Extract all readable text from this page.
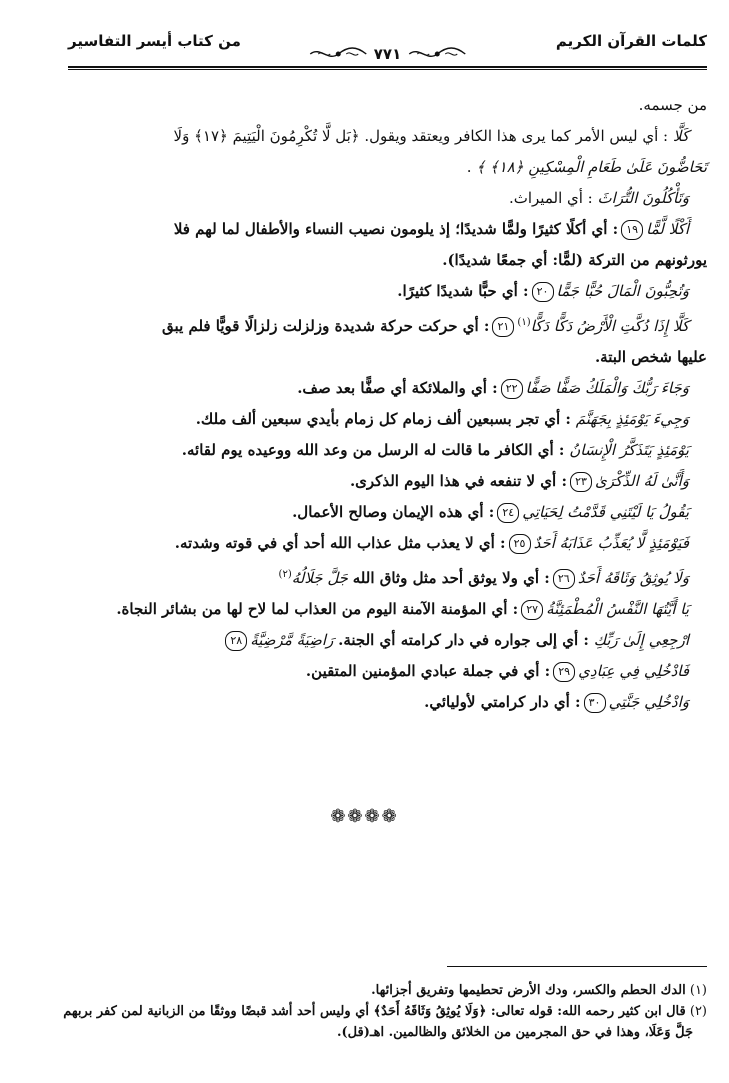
كلمات القرآن الكريم
٧٧١
من كتاب أيسر التفاسير
من جسمه.
كَلَّا : أي ليس الأمر كما يرى هذا الكافر ويعتقد ويقول. ﴿بَل لَّا تُكْرِمُونَ الْيَتِيمَ ﴿١٧﴾ وَلَا
تَحَاضُّونَ عَلَىٰ طَعَامِ الْمِسْكِينِ ﴿١٨﴾ ﴾ .
وَتَأْكُلُونَ التُّرَاثَ : أي الميراث.
أَكْلًا لَّمًّا١٩: أي أكلًا كثيرًا ولمًّا شديدًا؛ إذ يلومون نصيب النساء والأطفال لما لهم فلا
يورثونهم من التركة (لمًّا: أي جمعًا شديدًا).
وَتُحِبُّونَ الْمَالَ حُبًّا جَمًّا٢٠: أي حبًّا شديدًا كثيرًا.
كَلَّا إِذَا دُكَّتِ الْأَرْضُ دَكًّا دَكًّا$^{(١)}$٢١: أي حركت حركة شديدة وزلزلت زلزالًا قويًّا فلم يبق
عليها شخص البتة.
وَجَاءَ رَبُّكَ وَالْمَلَكُ صَفًّا صَفًّا٢٢: أي والملائكة أي صفًّا بعد صف.
وَجِيءَ يَوْمَئِذٍ بِجَهَنَّمَ : أي تجر بسبعين ألف زمام كل زمام بأيدي سبعين ألف ملك.
يَوْمَئِذٍ يَتَذَكَّرُ الْإِنسَانُ : أي الكافر ما قالت له الرسل من وعد الله ووعيده يوم لقائه.
وَأَنَّىٰ لَهُ الذِّكْرَىٰ٢٣: أي لا تنفعه في هذا اليوم الذكرى.
يَقُولُ يَا لَيْتَنِي قَدَّمْتُ لِحَيَاتِي٢٤: أي هذه الإيمان وصالح الأعمال.
فَيَوْمَئِذٍ لَّا يُعَذِّبُ عَذَابَهُ أَحَدٌ٢٥: أي لا يعذب مثل عذاب الله أحد أي في قوته وشدته.
وَلَا يُوثِقُ وَثَاقَهُ أَحَدٌ٢٦: أي ولا يوثق أحد مثل وثاق الله جَلَّ جَلَالُهُ$^{(٢)}$
يَا أَيَّتُهَا النَّفْسُ الْمُطْمَئِنَّةُ٢٧: أي المؤمنة الآمنة اليوم من العذاب لما لاح لها من بشائر النجاة.
ارْجِعِي إِلَىٰ رَبِّكِ : أي إلى جواره في دار كرامته أي الجنة. رَاضِيَةً مَّرْضِيَّةً٢٨
فَادْخُلِي فِي عِبَادِي٢٩: أي في جملة عبادي المؤمنين المتقين.
وَادْخُلِي جَنَّتِي٣٠: أي دار كرامتي لأوليائي.
❁❁❁❁
(١) الدك الحطم والكسر، ودك الأرض تحطيمها وتفريق أجزائها.
(٢) قال ابن كثير رحمه الله: قوله تعالى: ﴿وَلَا يُوثِقُ وَثَاقَهُ أَحَدٌ﴾ أي وليس أحد أشد قبضًا ووثقًا من الزبانية لمن كفر بربهم
جَلَّ وَعَلَا، وهذا في حق المجرمين من الخلائق والظالمين. اهـ(قل).
